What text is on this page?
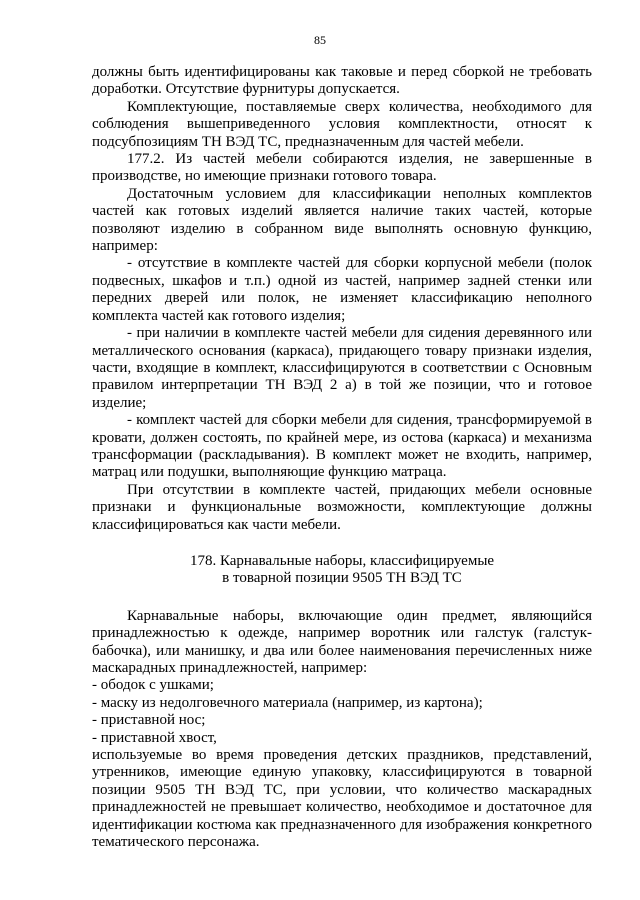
85

должны быть идентифицированы как таковые и перед сборкой не требовать доработки. Отсутствие фурнитуры допускается.

Комплектующие, поставляемые сверх количества, необходимого для соблюдения вышеприведенного условия комплектности, относят к подсубпозициям ТН ВЭД ТС, предназначенным для частей мебели.

177.2. Из частей мебели собираются изделия, не завершенные в производстве, но имеющие признаки готового товара.

Достаточным условием для классификации неполных комплектов частей как готовых изделий является наличие таких частей, которые позволяют изделию в собранном виде выполнять основную функцию, например:

- отсутствие в комплекте частей для сборки корпусной мебели (полок подвесных, шкафов и т.п.) одной из частей, например задней стенки или передних дверей или полок, не изменяет классификацию неполного комплекта частей как готового изделия;

- при наличии в комплекте частей мебели для сидения деревянного или металлического основания (каркаса), придающего товару признаки изделия, части, входящие в комплект, классифицируются в соответствии с Основным правилом интерпретации ТН ВЭД 2 а) в той же позиции, что и готовое изделие;

- комплект частей для сборки мебели для сидения, трансформируемой в кровати, должен состоять, по крайней мере, из остова (каркаса) и механизма трансформации (раскладывания). В комплект может не входить, например, матрац или подушки, выполняющие функцию матраца.

При отсутствии в комплекте частей, придающих мебели основные признаки и функциональные возможности, комплектующие должны классифицироваться как части мебели.

178. Карнавальные наборы, классифицируемые
в товарной позиции 9505 ТН ВЭД ТС

Карнавальные наборы, включающие один предмет, являющийся принадлежностью к одежде, например воротник или галстук (галстук-бабочка), или манишку, и два или более наименования перечисленных ниже маскарадных принадлежностей, например:

- ободок с ушками;

- маску из недолговечного материала (например, из картона);

- приставной нос;

- приставной хвост,

используемые во время проведения детских праздников, представлений, утренников, имеющие единую упаковку, классифицируются в товарной позиции 9505 ТН ВЭД ТС, при условии, что количество маскарадных принадлежностей не превышает количество, необходимое и достаточное для идентификации костюма как предназначенного для изображения конкретного тематического персонажа.
